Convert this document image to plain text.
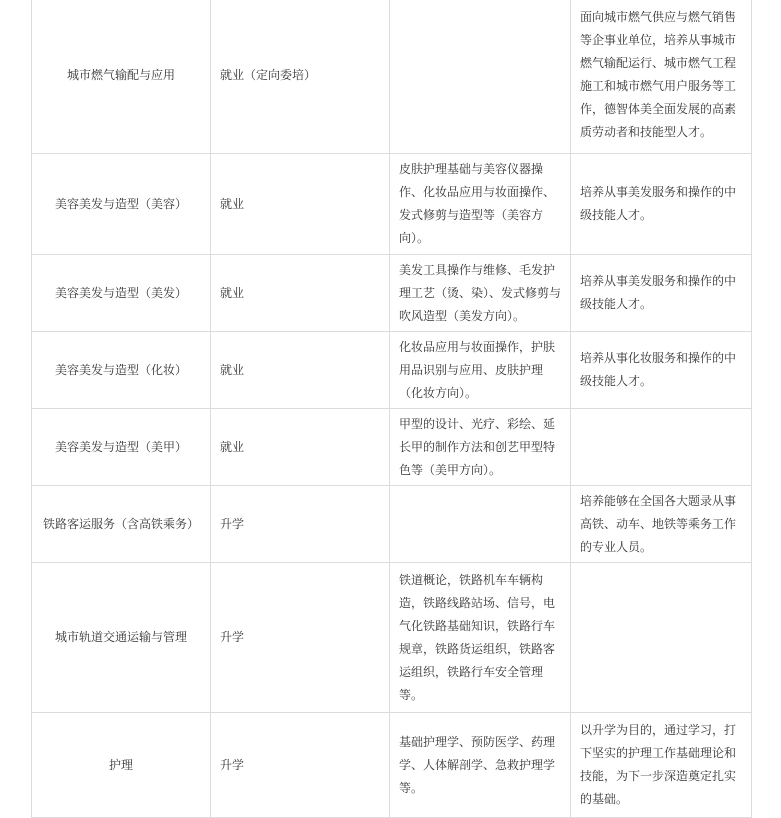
城市燃气输配与应用	就业（定向委培）		面向城市燃气供应与燃气销售等企事业单位，培养从事城市燃气输配运行、城市燃气工程施工和城市燃气用户服务等工作，德智体美全面发展的高素质劳动者和技能型人才。
美容美发与造型（美容）	就业	皮肤护理基础与美容仪器操作、化妆品应用与妆面操作、发式修剪与造型等（美容方向）。	培养从事美发服务和操作的中级技能人才。
美容美发与造型（美发）	就业	美发工具操作与维修、毛发护理工艺（烫、染）、发式修剪与吹风造型（美发方向）。	培养从事美发服务和操作的中级技能人才。
美容美发与造型（化妆）	就业	化妆品应用与妆面操作，护肤用品识别与应用、皮肤护理（化妆方向）。	培养从事化妆服务和操作的中级技能人才。
美容美发与造型（美甲）	就业	甲型的设计、光疗、彩绘、延长甲的制作方法和创艺甲型特色等（美甲方向）。	
铁路客运服务（含高铁乘务）	升学		培养能够在全国各大题录从事高铁、动车、地铁等乘务工作的专业人员。
城市轨道交通运输与管理	升学	铁道概论，铁路机车车辆构造，铁路线路站场、信号，电气化铁路基础知识，铁路行车规章，铁路货运组织，铁路客运组织，铁路行车安全管理等。	
护理	升学	基础护理学、预防医学、药理学、人体解剖学、急救护理学等。	以升学为目的，通过学习，打下坚实的护理工作基础理论和技能，为下一步深造奠定扎实的基础。
